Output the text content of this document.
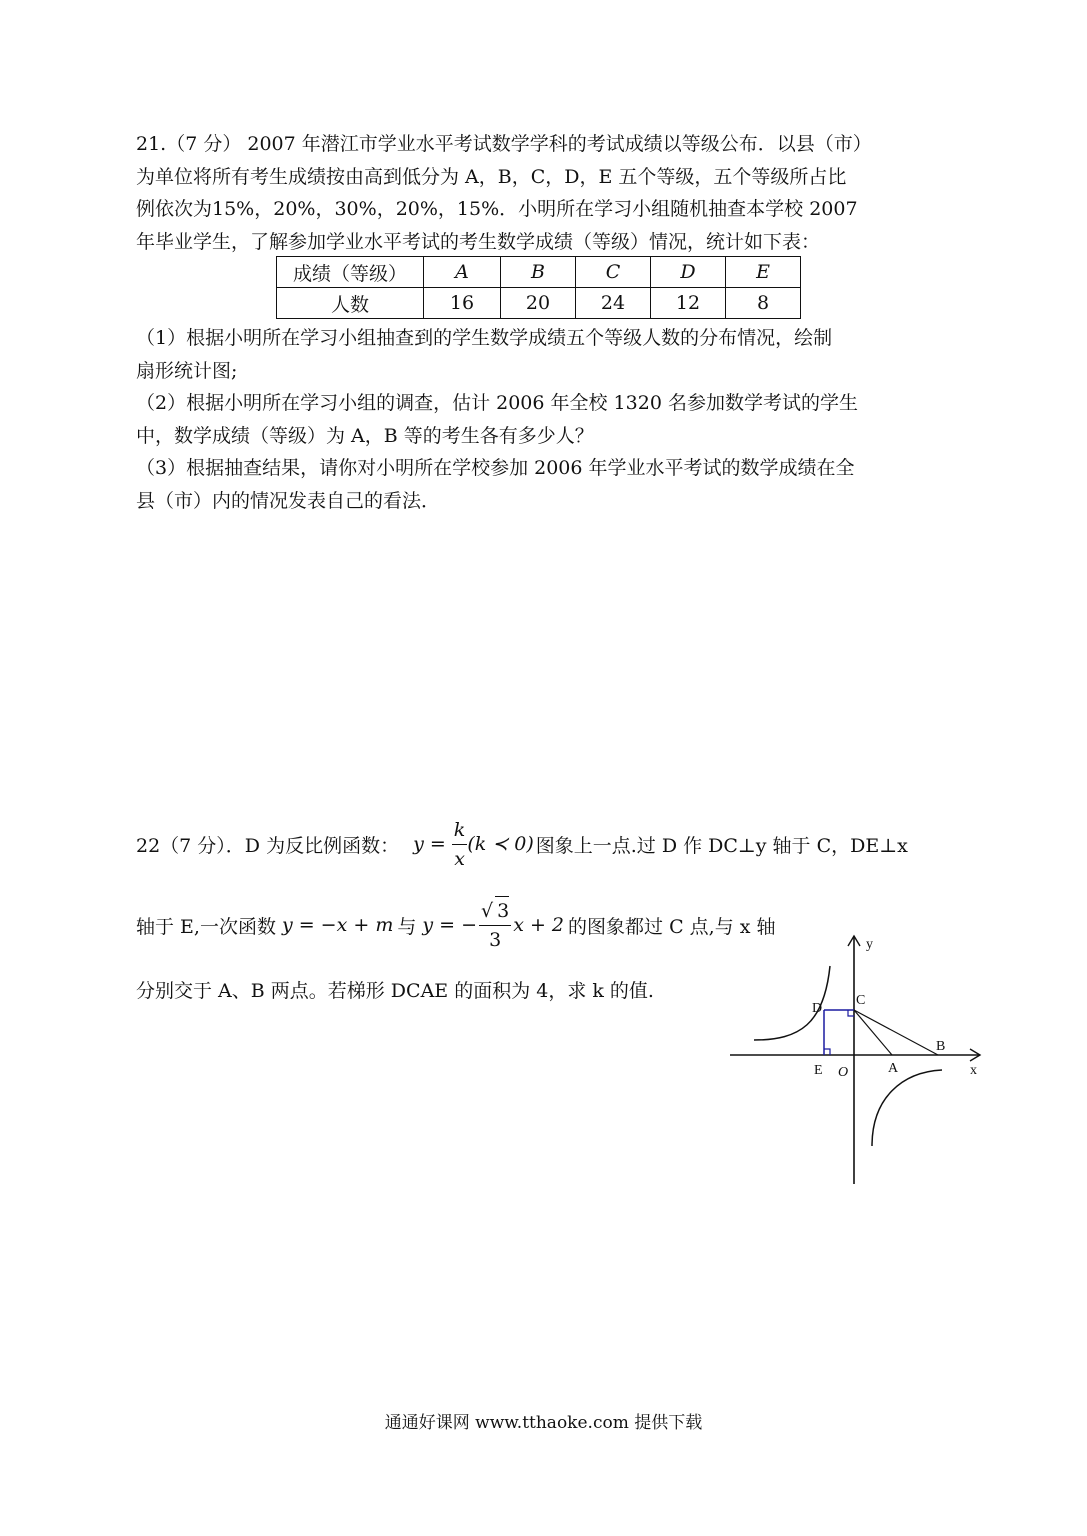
21.（7 分） 2007 年潜江市学业水平考试数学学科的考试成绩以等级公布．以县（市）
为单位将所有考生成绩按由高到低分为 A，B，C，D，E 五个等级，五个等级所占比
例依次为15%，20%，30%，20%，15%．小明所在学习小组随机抽查本学校 2007
年毕业学生，了解参加学业水平考试的考生数学成绩（等级）情况，统计如下表：
成绩（等级）	A	B	C	D	E
人数	16	20	24	12	8
（1）根据小明所在学习小组抽查到的学生数学成绩五个等级人数的分布情况，绘制
扇形统计图;
（2）根据小明所在学习小组的调查，估计 2006 年全校 1320 名参加数学考试的学生
中，数学成绩（等级）为 A，B 等的考生各有多少人？
（3）根据抽查结果，请你对小明所在学校参加 2006 年学业水平考试的数学成绩在全
县（市）内的情况发表自己的看法．
22（7 分）．D 为反比例函数： $y = \frac{k}{x} (k$ ≺ 0) 图象上一点.过 D 作 DC⊥y 轴于 C，DE⊥x
轴于 E,一次函数 y = −x + m 与 y = − $\frac{√ 3}{3}$ x + 2 的图象都过 C 点,与 x 轴
分别交于 A、B 两点。若梯形 DCAE 的面积为 4，求 k 的值.
y
x
O
C
D
E	A
B
通通好课网 www.tthaoke.com 提供下载
